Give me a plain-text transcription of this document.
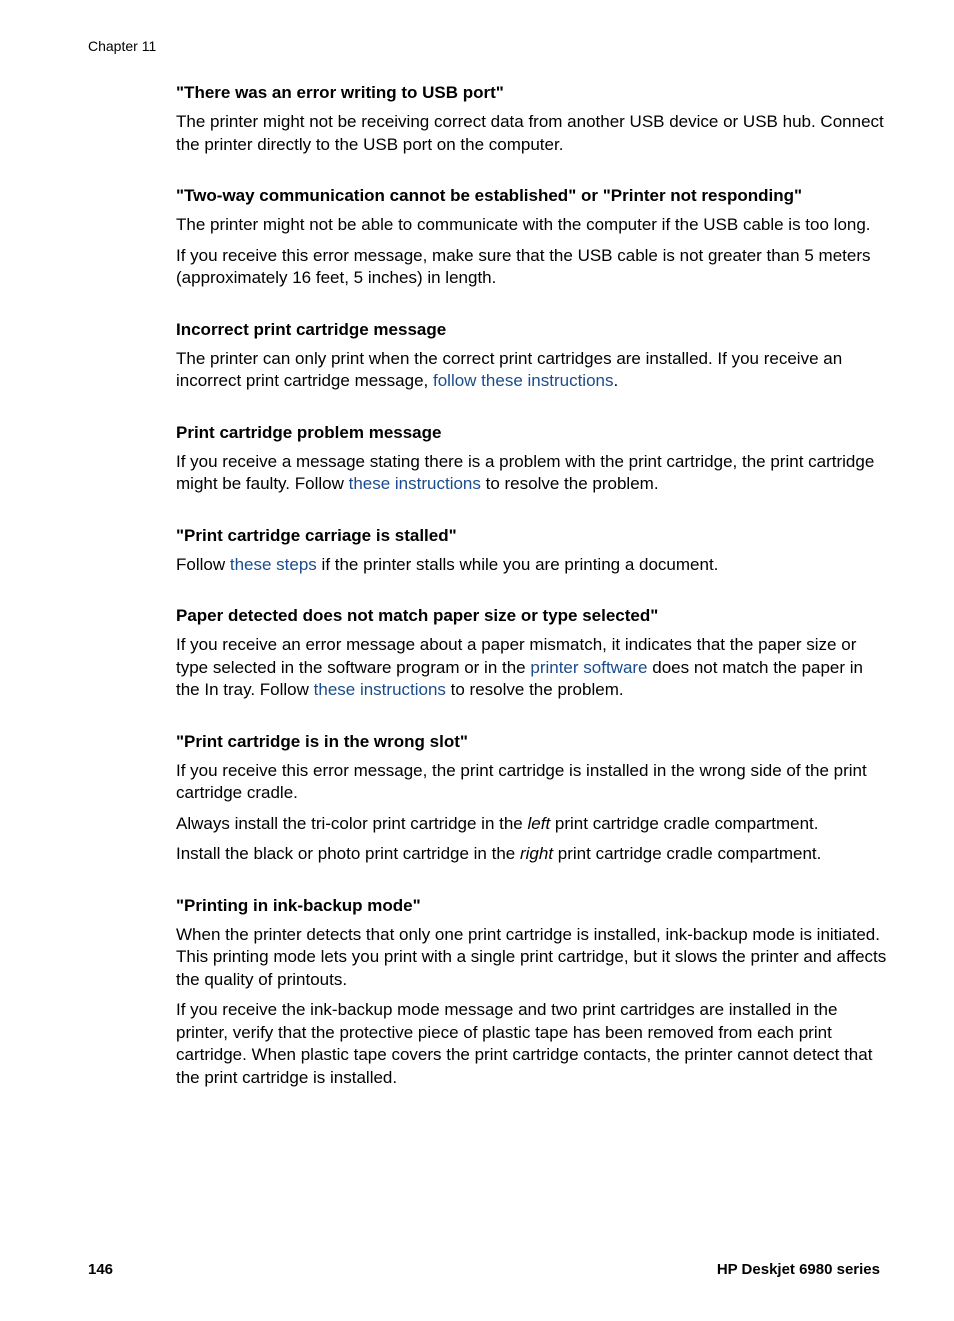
Chapter 11
"There was an error writing to USB port"

The printer might not be receiving correct data from another USB device or USB hub. Connect the printer directly to the USB port on the computer.

"Two-way communication cannot be established" or "Printer not responding"

The printer might not be able to communicate with the computer if the USB cable is too long.

If you receive this error message, make sure that the USB cable is not greater than 5 meters (approximately 16 feet, 5 inches) in length.

Incorrect print cartridge message

The printer can only print when the correct print cartridges are installed. If you receive an incorrect print cartridge message, follow these instructions.

Print cartridge problem message

If you receive a message stating there is a problem with the print cartridge, the print cartridge might be faulty. Follow these instructions to resolve the problem.

"Print cartridge carriage is stalled"

Follow these steps if the printer stalls while you are printing a document.

Paper detected does not match paper size or type selected"

If you receive an error message about a paper mismatch, it indicates that the paper size or type selected in the software program or in the printer software does not match the paper in the In tray. Follow these instructions to resolve the problem.

"Print cartridge is in the wrong slot"

If you receive this error message, the print cartridge is installed in the wrong side of the print cartridge cradle.

Always install the tri-color print cartridge in the left print cartridge cradle compartment.

Install the black or photo print cartridge in the right print cartridge cradle compartment.

"Printing in ink-backup mode"

When the printer detects that only one print cartridge is installed, ink-backup mode is initiated. This printing mode lets you print with a single print cartridge, but it slows the printer and affects the quality of printouts.

If you receive the ink-backup mode message and two print cartridges are installed in the printer, verify that the protective piece of plastic tape has been removed from each print cartridge. When plastic tape covers the print cartridge contacts, the printer cannot detect that the print cartridge is installed.

146	HP Deskjet 6980 series
